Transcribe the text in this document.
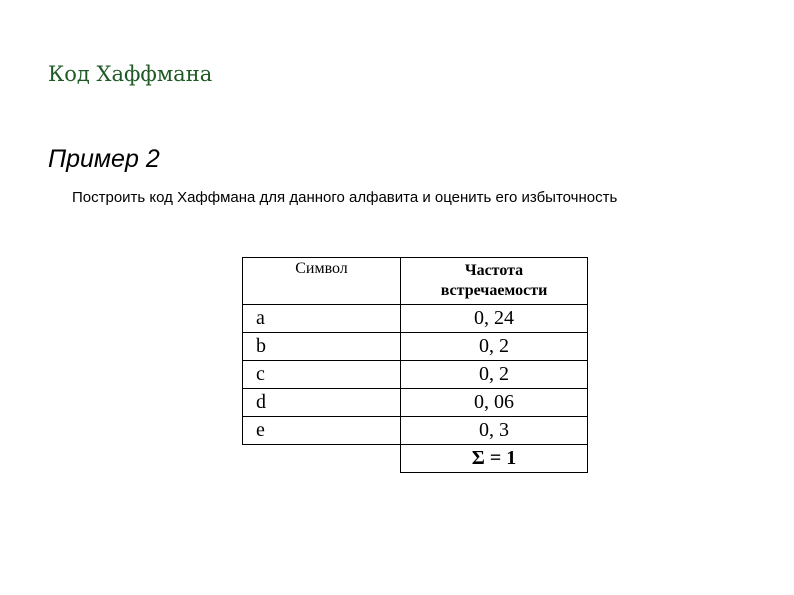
Код Хаффмана
Пример 2
Построить код Хаффмана для данного алфавита и оценить его избыточность
Символ	Частота
встречаемости

a	0, 24
b	0, 2
c	0, 2
d	0, 06
e	0, 3
	Σ = 1
